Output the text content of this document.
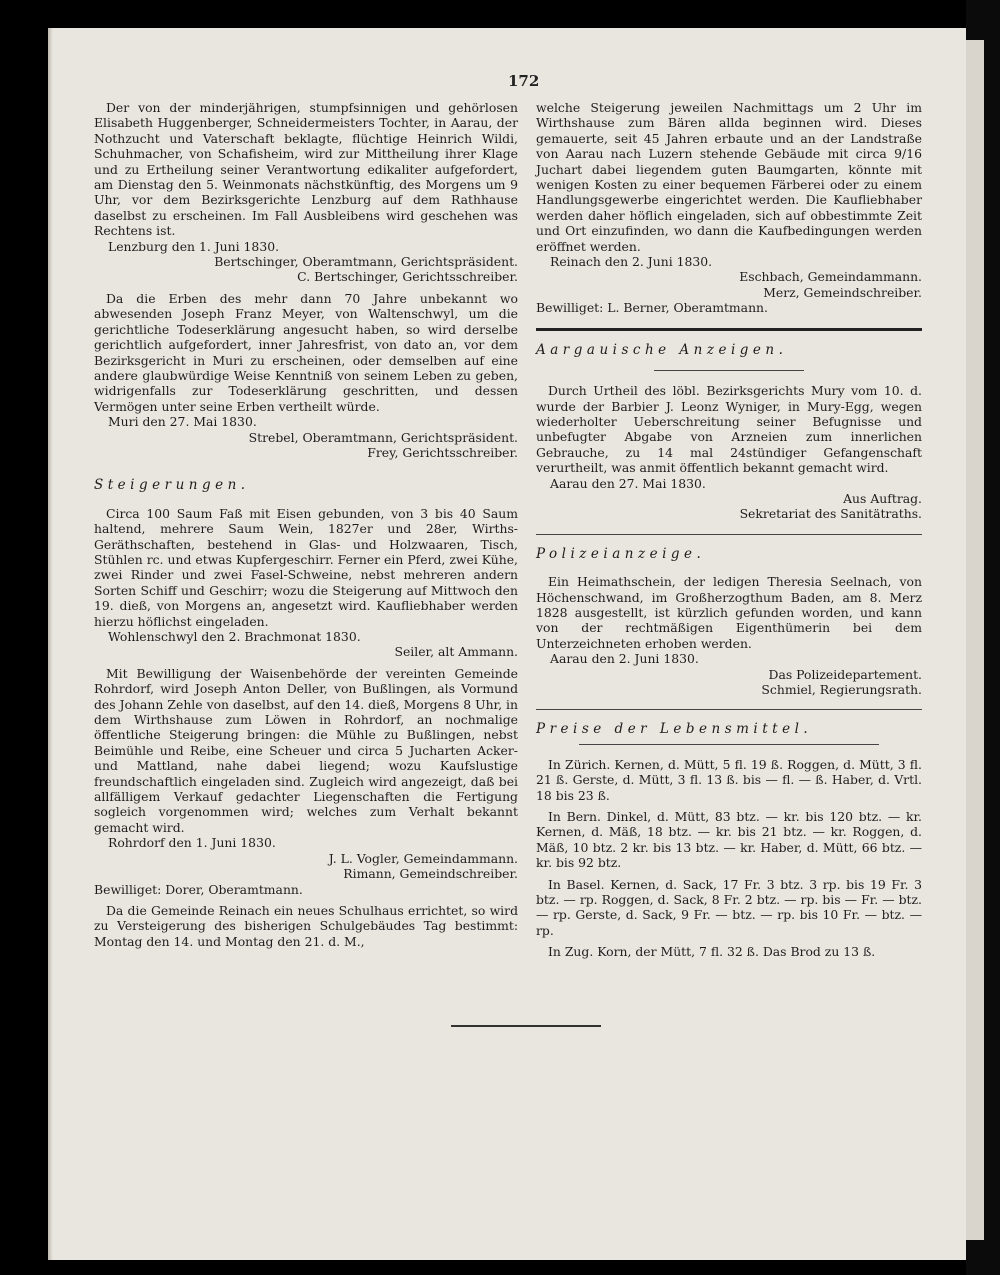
172

Der von der minderjährigen, stumpfsinnigen und gehörlosen Elisabeth Huggenberger, Schneidermeisters Tochter, in Aarau, der Nothzucht und Vaterschaft beklagte, flüchtige Heinrich Wildi, Schuhmacher, von Schafisheim, wird zur Mittheilung ihrer Klage und zu Ertheilung seiner Verantwortung edikaliter aufgefordert, am Dienstag den 5. Weinmonats nächstkünftig, des Morgens um 9 Uhr, vor dem Bezirksgerichte Lenzburg auf dem Rathhause daselbst zu erscheinen. Im Fall Ausbleibens wird geschehen was Rechtens ist.

Lenzburg den 1. Juni 1830.

Bertschinger, Oberamtmann, Gerichtspräsident.

C. Bertschinger, Gerichtsschreiber.

Da die Erben des mehr dann 70 Jahre unbekannt wo abwesenden Joseph Franz Meyer, von Waltenschwyl, um die gerichtliche Todeserklärung angesucht haben, so wird derselbe gerichtlich aufgefordert, inner Jahresfrist, von dato an, vor dem Bezirksgericht in Muri zu erscheinen, oder demselben auf eine andere glaubwürdige Weise Kenntniß von seinem Leben zu geben, widrigenfalls zur Todeserklärung geschritten, und dessen Vermögen unter seine Erben vertheilt würde.

Muri den 27. Mai 1830.

Strebel, Oberamtmann, Gerichtspräsident.

Frey, Gerichtsschreiber.

Steigerungen.

Circa 100 Saum Faß mit Eisen gebunden, von 3 bis 40 Saum haltend, mehrere Saum Wein, 1827er und 28er, Wirths-Geräthschaften, bestehend in Glas- und Holzwaaren, Tisch, Stühlen rc. und etwas Kupfergeschirr. Ferner ein Pferd, zwei Kühe, zwei Rinder und zwei Fasel-Schweine, nebst mehreren andern Sorten Schiff und Geschirr; wozu die Steigerung auf Mittwoch den 19. dieß, von Morgens an, angesetzt wird. Kaufliebhaber werden hierzu höflichst eingeladen.

Wohlenschwyl den 2. Brachmonat 1830.

Seiler, alt Ammann.

Mit Bewilligung der Waisenbehörde der vereinten Gemeinde Rohrdorf, wird Joseph Anton Deller, von Bußlingen, als Vormund des Johann Zehle von daselbst, auf den 14. dieß, Morgens 8 Uhr, in dem Wirthshause zum Löwen in Rohrdorf, an nochmalige öffentliche Steigerung bringen: die Mühle zu Bußlingen, nebst Beimühle und Reibe, eine Scheuer und circa 5 Jucharten Acker- und Mattland, nahe dabei liegend; wozu Kaufslustige freundschaftlich eingeladen sind. Zugleich wird angezeigt, daß bei allfälligem Verkauf gedachter Liegenschaften die Fertigung sogleich vorgenommen wird; welches zum Verhalt bekannt gemacht wird.

Rohrdorf den 1. Juni 1830.

J. L. Vogler, Gemeindammann.

Rimann, Gemeindschreiber.

Bewilliget: Dorer, Oberamtmann.

Da die Gemeinde Reinach ein neues Schulhaus errichtet, so wird zu Versteigerung des bisherigen Schulgebäudes Tag bestimmt: Montag den 14. und Montag den 21. d. M.,

welche Steigerung jeweilen Nachmittags um 2 Uhr im Wirthshause zum Bären allda beginnen wird. Dieses gemauerte, seit 45 Jahren erbaute und an der Landstraße von Aarau nach Luzern stehende Gebäude mit circa 9/16 Juchart dabei liegendem guten Baumgarten, könnte mit wenigen Kosten zu einer bequemen Färberei oder zu einem Handlungsgewerbe eingerichtet werden. Die Kaufliebhaber werden daher höflich eingeladen, sich auf obbestimmte Zeit und Ort einzufinden, wo dann die Kaufbedingungen werden eröffnet werden.

Reinach den 2. Juni 1830.

Eschbach, Gemeindammann.

Merz, Gemeindschreiber.

Bewilliget: L. Berner, Oberamtmann.

Aargauische Anzeigen.

Durch Urtheil des löbl. Bezirksgerichts Mury vom 10. d. wurde der Barbier J. Leonz Wyniger, in Mury-Egg, wegen wiederholter Ueberschreitung seiner Befugnisse und unbefugter Abgabe von Arzneien zum innerlichen Gebrauche, zu 14 mal 24stündiger Gefangenschaft verurtheilt, was anmit öffentlich bekannt gemacht wird.

Aarau den 27. Mai 1830.

Aus Auftrag.

Sekretariat des Sanitätraths.

Polizeianzeige.

Ein Heimathschein, der ledigen Theresia Seelnach, von Höchenschwand, im Großherzogthum Baden, am 8. Merz 1828 ausgestellt, ist kürzlich gefunden worden, und kann von der rechtmäßigen Eigenthümerin bei dem Unterzeichneten erhoben werden.

Aarau den 2. Juni 1830.

Das Polizeidepartement.

Schmiel, Regierungsrath.

Preise der Lebensmittel.

In Zürich. Kernen, d. Mütt, 5 fl. 19 ß. Roggen, d. Mütt, 3 fl. 21 ß. Gerste, d. Mütt, 3 fl. 13 ß. bis — fl. — ß. Haber, d. Vrtl. 18 bis 23 ß.

In Bern. Dinkel, d. Mütt, 83 btz. — kr. bis 120 btz. — kr. Kernen, d. Mäß, 18 btz. — kr. bis 21 btz. — kr. Roggen, d. Mäß, 10 btz. 2 kr. bis 13 btz. — kr. Haber, d. Mütt, 66 btz. — kr. bis 92 btz.

In Basel. Kernen, d. Sack, 17 Fr. 3 btz. 3 rp. bis 19 Fr. 3 btz. — rp. Roggen, d. Sack, 8 Fr. 2 btz. — rp. bis — Fr. — btz. — rp. Gerste, d. Sack, 9 Fr. — btz. — rp. bis 10 Fr. — btz. — rp.

In Zug. Korn, der Mütt, 7 fl. 32 ß. Das Brod zu 13 ß.
